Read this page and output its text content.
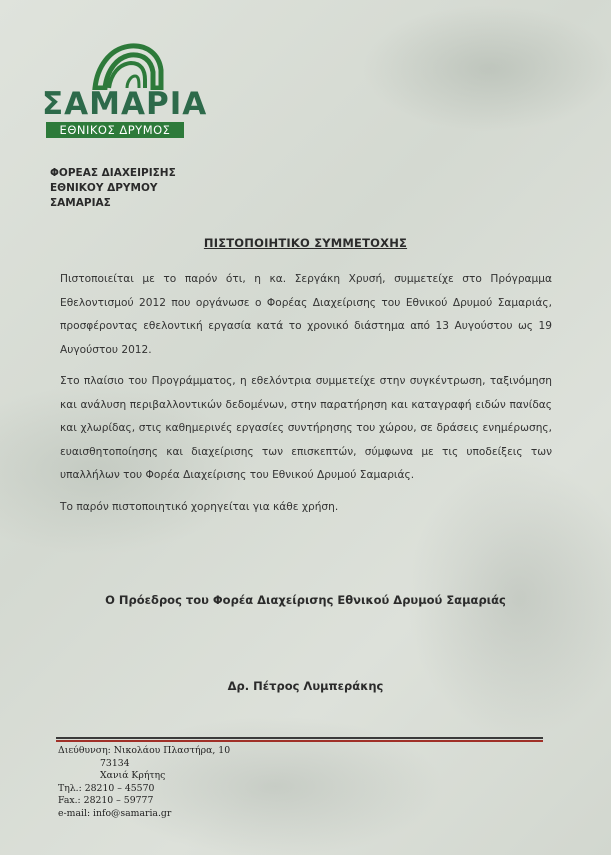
ΣΑΜΑΡΙΑ
ΕΘΝΙΚΟΣ ΔΡΥΜΟΣ
ΦΟΡΕΑΣ ΔΙΑΧΕΙΡΙΣΗΣ
ΕΘΝΙΚΟΥ ΔΡΥΜΟΥ
ΣΑΜΑΡΙΑΣ
ΠΙΣΤΟΠΟΙΗΤΙΚΟ ΣΥΜΜΕΤΟΧΗΣ

Πιστοποιείται με το παρόν ότι, η κα. Σεργάκη Χρυσή, συμμετείχε στο Πρόγραμμα Εθελοντισμού 2012 που οργάνωσε ο Φορέας Διαχείρισης του Εθνικού Δρυμού Σαμαριάς, προσφέροντας εθελοντική εργασία κατά το χρονικό διάστημα από 13 Αυγούστου ως 19 Αυγούστου 2012.

Στο πλαίσιο του Προγράμματος, η εθελόντρια συμμετείχε στην συγκέντρωση, ταξινόμηση και ανάλυση περιβαλλοντικών δεδομένων, στην παρατήρηση και καταγραφή ειδών πανίδας και χλωρίδας, στις καθημερινές εργασίες συντήρησης του χώρου, σε δράσεις ενημέρωσης, ευαισθητοποίησης και διαχείρισης των επισκεπτών, σύμφωνα με τις υποδείξεις των υπαλλήλων του Φορέα Διαχείρισης του Εθνικού Δρυμού Σαμαριάς.

Το παρόν πιστοποιητικό χορηγείται για κάθε χρήση.

Ο Πρόεδρος του Φορέα Διαχείρισης Εθνικού Δρυμού Σαμαριάς
Δρ. Πέτρος Λυμπεράκης
Διεύθυνση: Νικολάου Πλαστήρα, 10
73134
Χανιά Κρήτης
Τηλ.: 28210 – 45570
Fax.: 28210 – 59777
e-mail: info@samaria.gr
